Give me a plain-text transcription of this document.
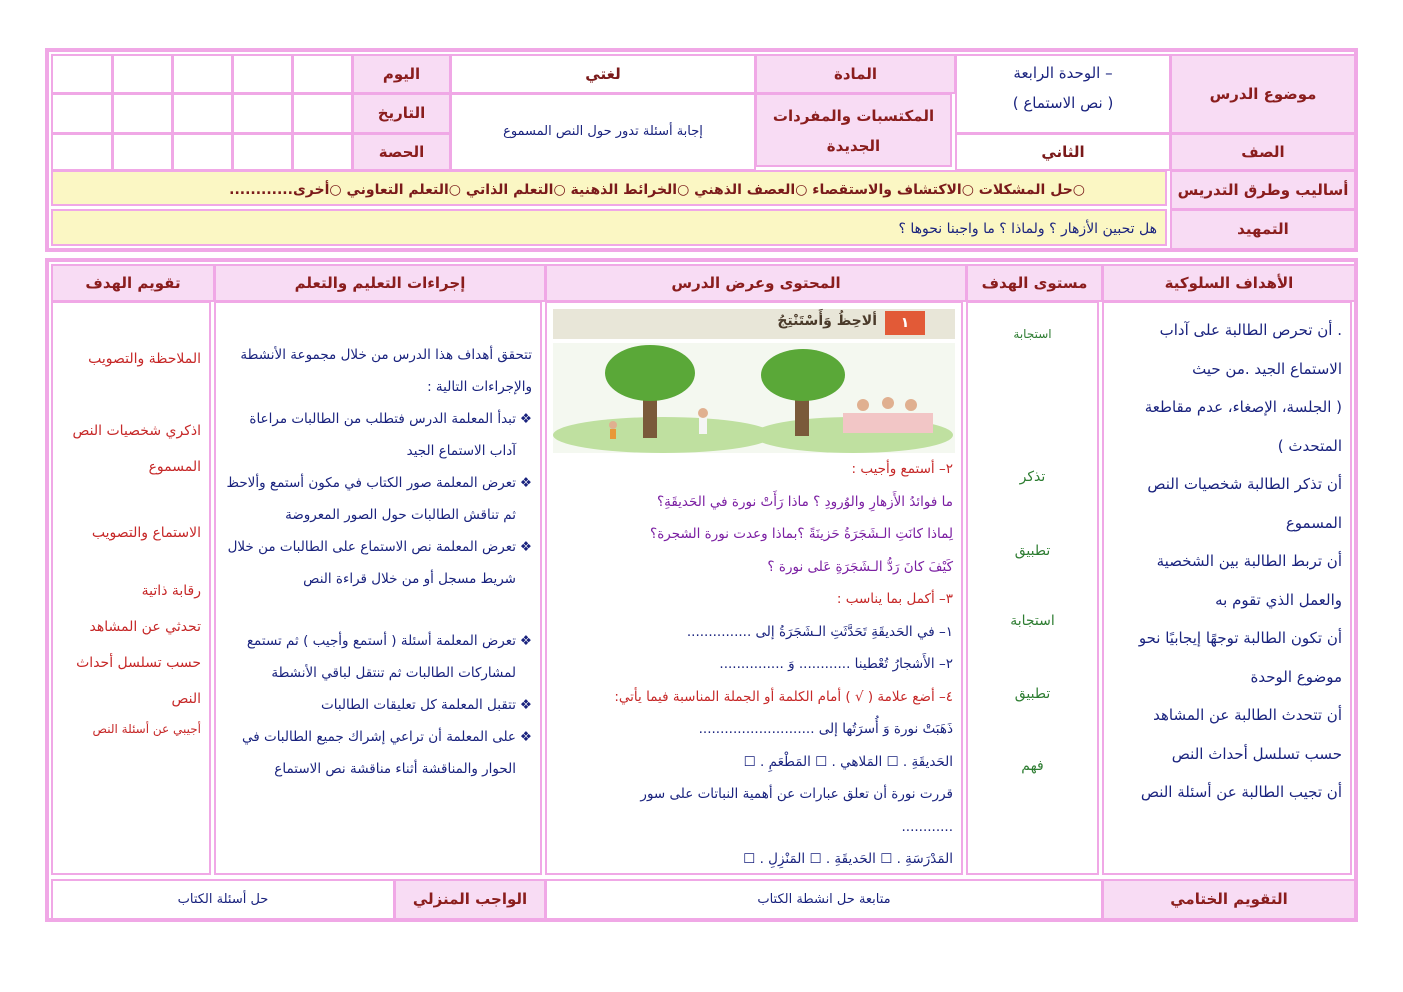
موضوع الدرس
الوحدة الرابعة –
( نص الاستماع )
المادة
لغتي
اليوم
المكتسبات والمفردات الجديدة
إجابة أسئلة تدور حول النص المسموع
التاريخ
الصف
الثاني
الحصة
أساليب وطرق التدريس
○حل المشكلات ○الاكتشاف والاستقصاء ○العصف الذهني ○الخرائط الذهنية ○التعلم الذاتي ○التعلم التعاوني ○أخرى............
التمهيد
هل تحبين الأزهار ؟ ولماذا ؟ ما واجبنا نحوها ؟
الأهداف السلوكية
مستوى الهدف
المحتوى وعرض الدرس
إجراءات التعليم والتعلم
تقويم الهدف
. أن تحرص الطالبة على آداب الاستماع الجيد .من حيث
( الجلسة، الإصغاء، عدم مقاطعة المتحدث )
أن تذكر الطالبة شخصيات النص المسموع
أن تربط الطالبة بين الشخصية والعمل الذي تقوم به
أن تكون الطالبة توجهًا إيجابيًا نحو موضوع الوحدة
أن تتحدث الطالبة عن المشاهد حسب تسلسل أحداث النص
أن تجيب الطالبة عن أسئلة النص
استجابة
تذكر
تطبيق
استجابة
تطبيق
فهم
١
ألاحِظُ وَأَسْتَنْتِجُ
٢– أستمع وأجيب :
ما فوائدُ الأَزهارِ والوُرودِ ؟ ماذا رَأَتْ نورة في الحَديقَةِ؟
لِماذا كانَتِ الـشَجَرَةُ حَزينَةً ؟بماذا وعدت نورة الشجرة؟
كَيْفَ كانَ رَدُّ الـشَجَرَةِ عَلى نورة ؟
٣– أكمل بما يناسب :
١– في الحَديقَةِ تَحَدَّثَتِ الـشَجَرَةُ إلى ...............
٢– الأَشجارُ تُعْطينا ............ وَ ...............
٤– أضع علامة ( √ ) أمام الكلمة أو الجملة المناسبة فيما يأتي:
ذَهَبَتْ نورة وَ أُسرَتُها إلى ...........................
الحَديقَةِ . ☐ المَلاهي . ☐ المَطْعَمِ . ☐
قررت نورة أن تعلق عبارات عن أهمية النباتات على سور
............
المَدْرَسَةِ . ☐ الحَديقَةِ . ☐ المَنْزِلِ . ☐
تتحقق أهداف هذا الدرس من خلال مجموعة الأنشطة والإجراءات التالية :
❖
تبدأ المعلمة الدرس فتطلب من الطالبات مراعاة آداب الاستماع الجيد
❖
تعرض المعلمة صور الكتاب في مكون أستمع وألاحظ ثم تناقش الطالبات حول الصور المعروضة
❖
تعرض المعلمة نص الاستماع على الطالبات من خلال شريط مسجل أو من خلال قراءة النص
❖
تعرض المعلمة أسئلة ( أستمع وأجيب ) ثم تستمع لمشاركات الطالبات ثم تنتقل لباقي الأنشطة
❖
تتقبل المعلمة كل تعليقات الطالبات
❖
على المعلمة أن تراعي إشراك جميع الطالبات في الحوار والمناقشة أثناء مناقشة نص الاستماع
الملاحظة والتصويب
اذكري شخصيات النص المسموع
الاستماع والتصويب
رقابة ذاتية
تحدثي عن المشاهد حسب تسلسل أحداث النص
أجيبي عن أسئلة النص
التقويم الختامي
متابعة حل انشطة الكتاب
الواجب المنزلي
حل أسئلة الكتاب
